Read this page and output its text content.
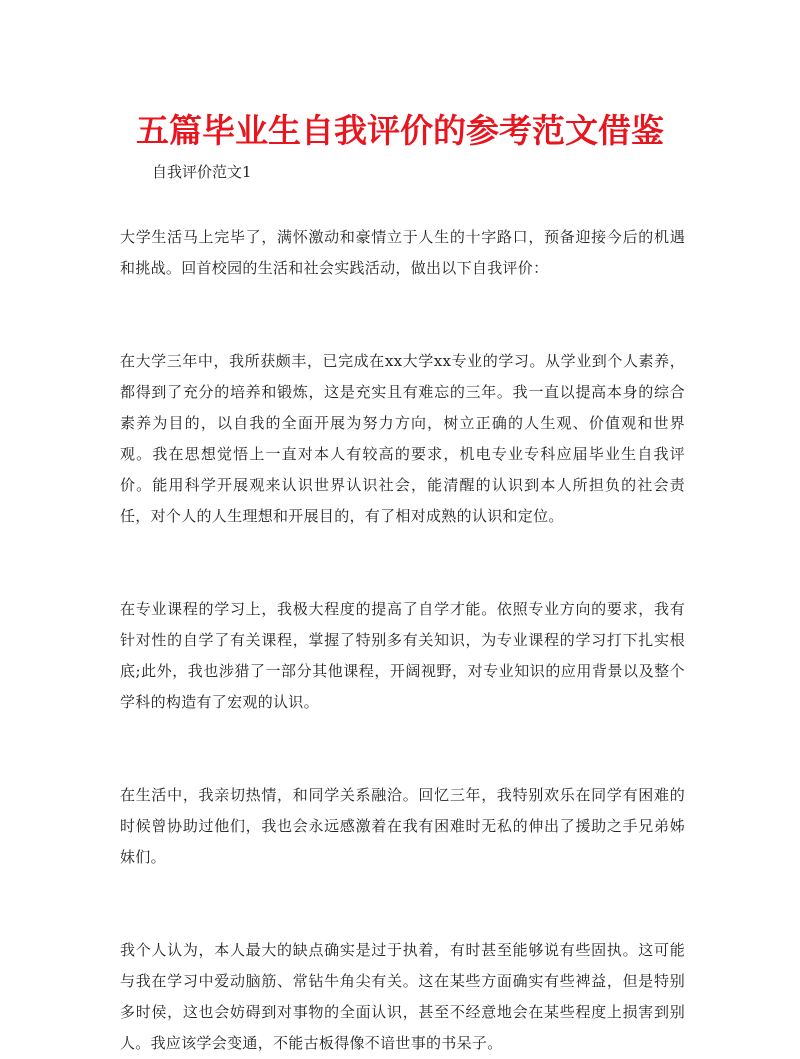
五篇毕业生自我评价的参考范文借鉴
自我评价范文1

大学生活马上完毕了，满怀激动和豪情立于人生的十字路口，预备迎接今后的机遇和挑战。回首校园的生活和社会实践活动，做出以下自我评价：

在大学三年中，我所获颇丰，已完成在xx大学xx专业的学习。从学业到个人素养，都得到了充分的培养和锻炼，这是充实且有难忘的三年。我一直以提高本身的综合素养为目的，以自我的全面开展为努力方向，树立正确的人生观、价值观和世界观。我在思想觉悟上一直对本人有较高的要求，机电专业专科应届毕业生自我评价。能用科学开展观来认识世界认识社会，能清醒的认识到本人所担负的社会责任，对个人的人生理想和开展目的，有了相对成熟的认识和定位。

在专业课程的学习上，我极大程度的提高了自学才能。依照专业方向的要求，我有针对性的自学了有关课程，掌握了特别多有关知识，为专业课程的学习打下扎实根底;此外，我也涉猎了一部分其他课程，开阔视野，对专业知识的应用背景以及整个学科的构造有了宏观的认识。

在生活中，我亲切热情，和同学关系融洽。回忆三年，我特别欢乐在同学有困难的时候曾协助过他们，我也会永远感激着在我有困难时无私的伸出了援助之手兄弟姊妹们。

我个人认为，本人最大的缺点确实是过于执着，有时甚至能够说有些固执。这可能与我在学习中爱动脑筋、常钻牛角尖有关。这在某些方面确实有些裨益，但是特别多时侯，这也会妨碍到对事物的全面认识，甚至不经意地会在某些程度上损害到别人。我应该学会变通，不能古板得像不谙世事的书呆子。
